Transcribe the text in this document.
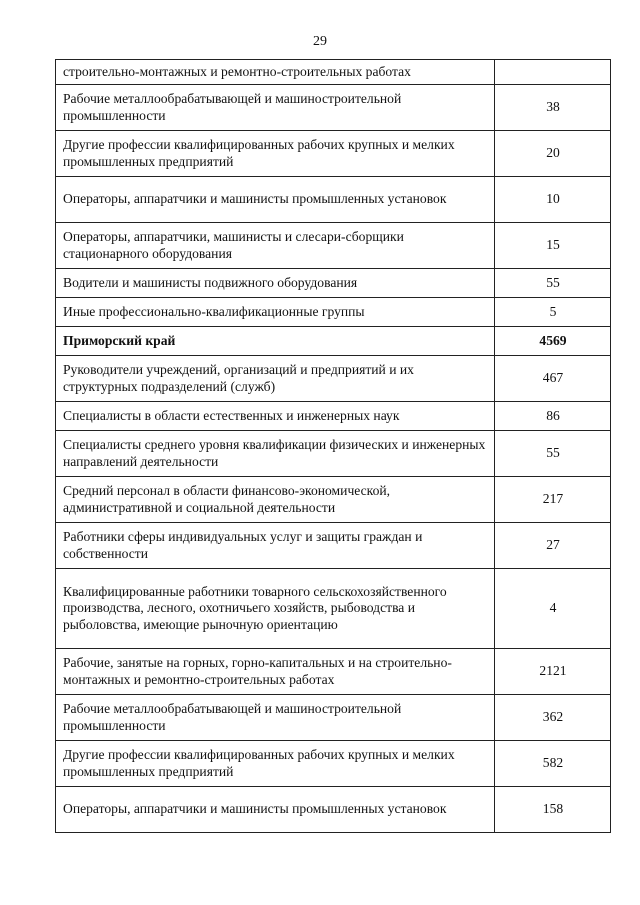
29
строительно-монтажных и ремонтно-строительных работах	
Рабочие металлообрабатывающей и машиностроительной промышленности	38
Другие профессии квалифицированных рабочих крупных и мелких промышленных предприятий	20
Операторы, аппаратчики и машинисты промышленных установок	10
Операторы, аппаратчики, машинисты и слесари-сборщики стационарного оборудования	15
Водители и машинисты подвижного оборудования	55
Иные профессионально-квалификационные группы	5
Приморский край	4569
Руководители учреждений, организаций и предприятий и их структурных подразделений (служб)	467
Специалисты в области естественных и инженерных наук	86
Специалисты среднего уровня квалификации физических и инженерных направлений деятельности	55
Средний персонал в области финансово-экономической, административной и социальной деятельности	217
Работники сферы индивидуальных услуг и защиты граждан и собственности	27
Квалифицированные работники товарного сельскохозяйственного производства, лесного, охотничьего хозяйств, рыбоводства и рыболовства, имеющие рыночную ориентацию	4
Рабочие, занятые на горных, горно-капитальных и на строительно-монтажных и ремонтно-строительных работах	2121
Рабочие металлообрабатывающей и машиностроительной промышленности	362
Другие профессии квалифицированных рабочих крупных и мелких промышленных предприятий	582
Операторы, аппаратчики и машинисты промышленных установок	158
